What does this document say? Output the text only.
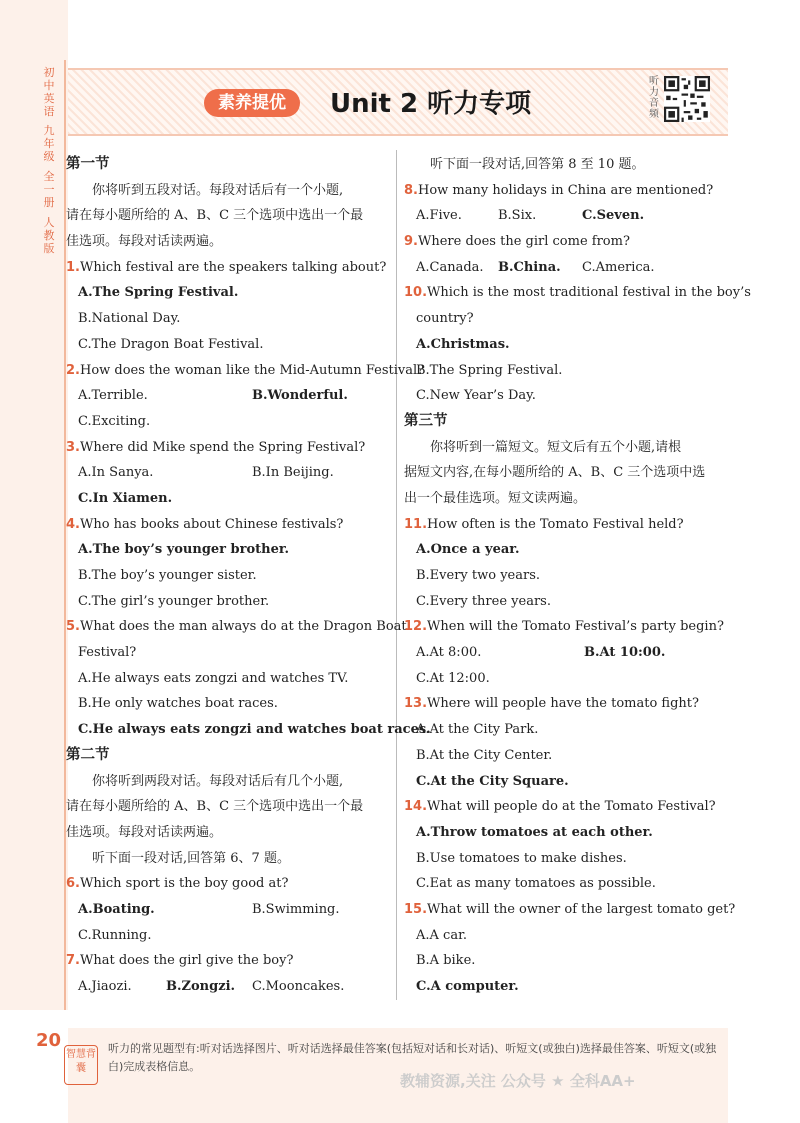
初中英语
九年级
全一册
人教版
素养提优	Unit 2 听力专项
听力音频
第一节
你将听到五段对话。每段对话后有一个小题,
请在每小题所给的 A、B、C 三个选项中选出一个最
佳选项。每段对话读两遍。
1.Which festival are the speakers talking about?
A.The Spring Festival.
B.National Day.
C.The Dragon Boat Festival.
2.How does the woman like the Mid-Autumn Festival?
A.Terrible.	B.Wonderful.
C.Exciting.
3.Where did Mike spend the Spring Festival?
A.In Sanya.	B.In Beijing.
C.In Xiamen.
4.Who has books about Chinese festivals?
A.The boy’s younger brother.
B.The boy’s younger sister.
C.The girl’s younger brother.
5.What does the man always do at the Dragon Boat
Festival?
A.He always eats zongzi and watches TV.
B.He only watches boat races.
C.He always eats zongzi and watches boat races.
第二节
你将听到两段对话。每段对话后有几个小题,
请在每小题所给的 A、B、C 三个选项中选出一个最
佳选项。每段对话读两遍。
听下面一段对话,回答第 6、7 题。
6.Which sport is the boy good at?
A.Boating.	B.Swimming.
C.Running.
7.What does the girl give the boy?
A.Jiaozi.	B.Zongzi.	C.Mooncakes.
听下面一段对话,回答第 8 至 10 题。
8.How many holidays in China are mentioned?
A.Five.	B.Six.	C.Seven.
9.Where does the girl come from?
A.Canada.	B.China.	C.America.
10.Which is the most traditional festival in the boy’s
country?
A.Christmas.
B.The Spring Festival.
C.New Year’s Day.
第三节
你将听到一篇短文。短文后有五个小题,请根
据短文内容,在每小题所给的 A、B、C 三个选项中选
出一个最佳选项。短文读两遍。
11.How often is the Tomato Festival held?
A.Once a year.
B.Every two years.
C.Every three years.
12.When will the Tomato Festival’s party begin?
A.At 8:00.	B.At 10:00.
C.At 12:00.
13.Where will people have the tomato fight?
A.At the City Park.
B.At the City Center.
C.At the City Square.
14.What will people do at the Tomato Festival?
A.Throw tomatoes at each other.
B.Use tomatoes to make dishes.
C.Eat as many tomatoes as possible.
15.What will the owner of the largest tomato get?
A.A car.
B.A bike.
C.A computer.
20
智慧背囊
听力的常见题型有:听对话选择图片、听对话选择最佳答案(包括短对话和长对话)、听短文(或独白)选择最佳答案、听短文(或独白)完成表格信息。
教辅资源,关注 公众号 ★ 全科AA+
